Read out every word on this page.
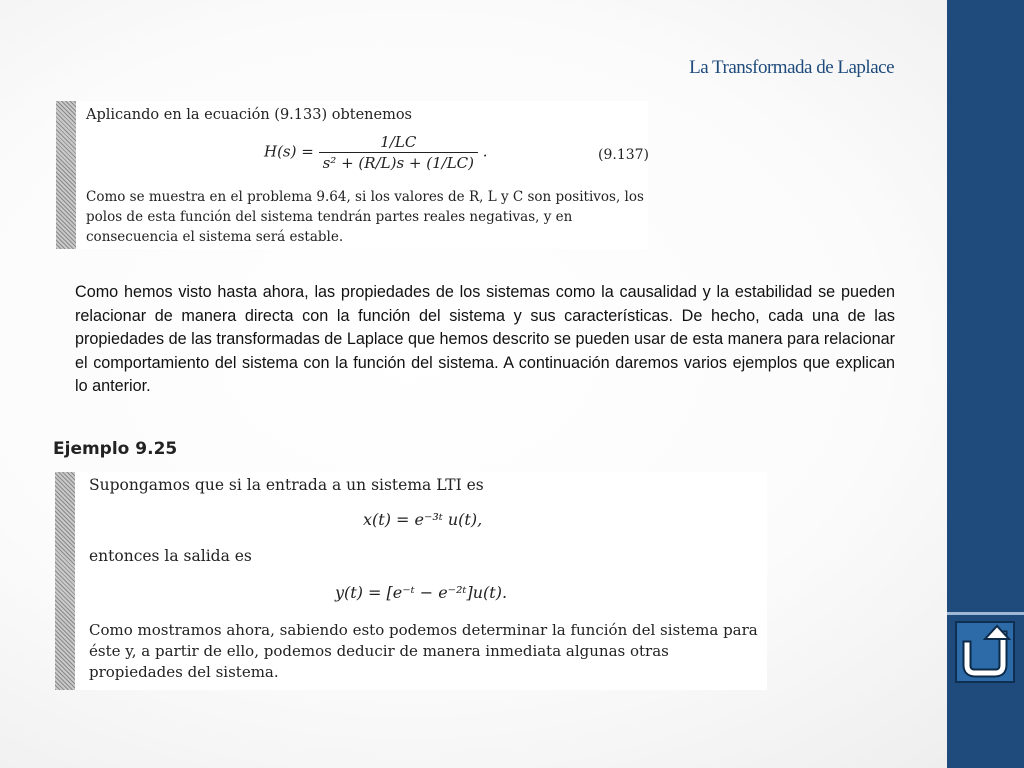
La Transformada de Laplace

Aplicando en la ecuación (9.133) obtenemos

$H(s) = \frac{1/LC}{\text{s² + (R/L)s + (1/LC)}}$ .	(9.137)

Como se muestra en el problema 9.64, si los valores de R, L y C son positivos, los polos de esta función del sistema tendrán partes reales negativas, y en consecuencia el sistema será estable.

Como hemos visto hasta ahora, las propiedades de los sistemas como la causalidad y la estabilidad se pueden relacionar de manera directa con la función del sistema y sus características. De hecho, cada una de las propiedades de las transformadas de Laplace que hemos descrito se pueden usar de esta manera para relacionar el comportamiento del sistema con la función del sistema. A continuación daremos varios ejemplos que explican lo anterior.

Ejemplo 9.25

Supongamos que si la entrada a un sistema LTI es

x(t) = e⁻³ᵗ u(t),

entonces la salida es

y(t) = [e⁻ᵗ − e⁻²ᵗ]u(t).

Como mostramos ahora, sabiendo esto podemos determinar la función del sistema para éste y, a partir de ello, podemos deducir de manera inmediata algunas otras propiedades del sistema.
